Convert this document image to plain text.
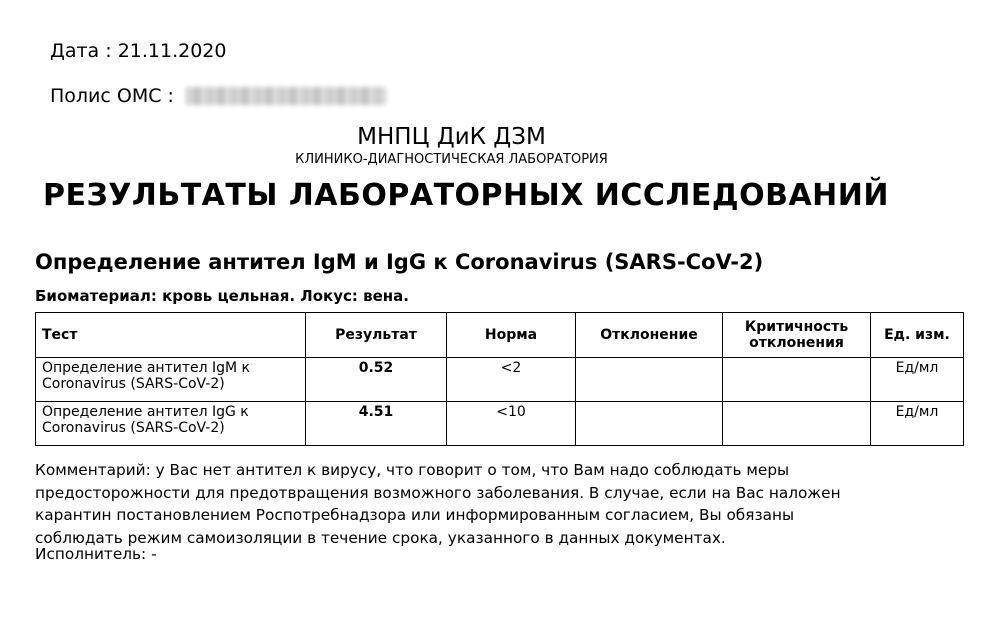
Дата : 21.11.2020
Полис ОМС :
МНПЦ ДиК ДЗМ
КЛИНИКО-ДИАГНОСТИЧЕСКАЯ ЛАБОРАТОРИЯ
РЕЗУЛЬТАТЫ ЛАБОРАТОРНЫХ ИССЛЕДОВАНИЙ
Определение антител IgM и IgG к Coronavirus (SARS-CoV-2)
Биоматериал: кровь цельная. Локус: вена.
Тест	Результат	Норма	Отклонение	Критичность отклонения	Ед. изм.
Определение антител IgM к Coronavirus (SARS-CoV-2)	0.52	<2			Ед/мл
Определение антител IgG к Coronavirus (SARS-CoV-2)	4.51	<10			Ед/мл
Комментарий: у Вас нет антител к вирусу, что говорит о том, что Вам надо соблюдать меры предосторожности для предотвращения возможного заболевания. В случае, если на Вас наложен карантин постановлением Роспотребнадзора или информированным согласием, Вы обязаны соблюдать режим самоизоляции в течение срока, указанного в данных документах.
Исполнитель: -
